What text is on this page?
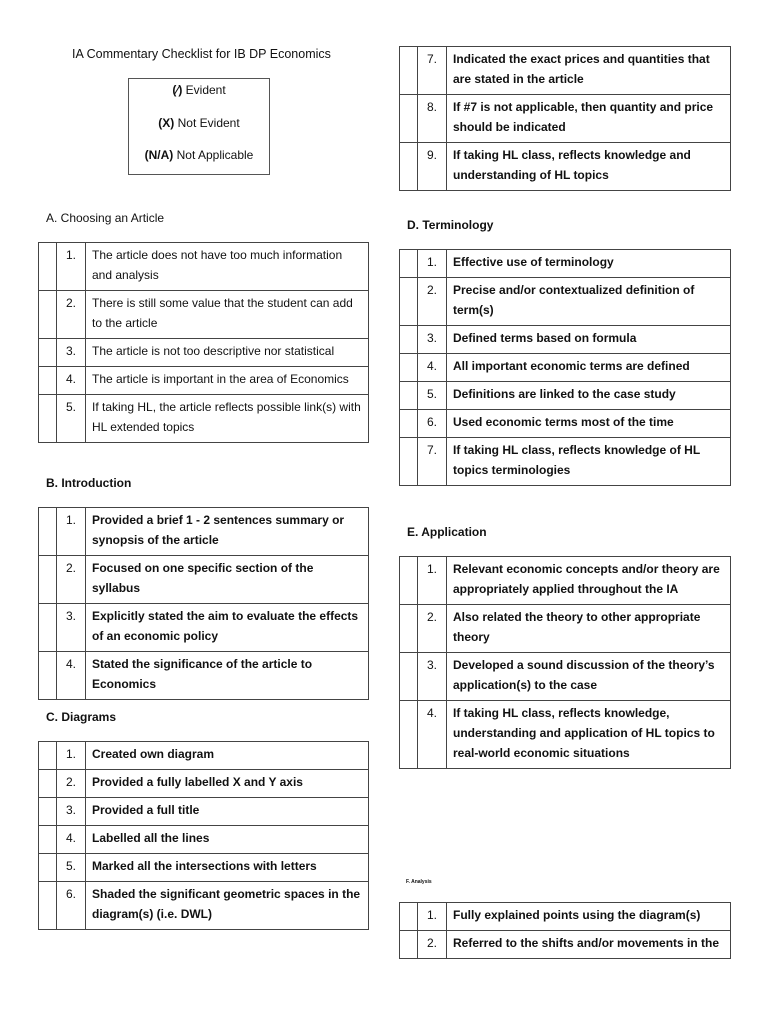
IA Commentary Checklist for IB DP Economics
(⁄) Evident
(X) Not Evident
(N/A) Not Applicable
A. Choosing an Article
	1.	The article does not have too much information and analysis
	2.	There is still some value that the student can add to the article
	3.	The article is not too descriptive nor statistical
	4.	The article is important in the area of Economics
	5.	If taking HL, the article reflects possible link(s) with HL extended topics
B. Introduction
	1.	Provided a brief 1 - 2 sentences summary or synopsis of the article
	2.	Focused on one specific section of the syllabus
	3.	Explicitly stated the aim to evaluate the effects of an economic policy
	4.	Stated the significance of the article to Economics
C. Diagrams
	1.	Created own diagram
	2.	Provided a fully labelled X and Y axis
	3.	Provided a full title
	4.	Labelled all the lines
	5.	Marked all the intersections with letters
	6.	Shaded the significant geometric spaces in the diagram(s) (i.e. DWL)
	7.	Indicated the exact prices and quantities that are stated in the article
	8.	If #7 is not applicable, then quantity and price should be indicated
	9.	If taking HL class, reflects knowledge and understanding of HL topics
D. Terminology
	1.	Effective use of terminology
	2.	Precise and/or contextualized definition of term(s)
	3.	Defined terms based on formula
	4.	All important economic terms are defined
	5.	Definitions are linked to the case study
	6.	Used economic terms most of the time
	7.	If taking HL class, reflects knowledge of HL topics terminologies
E. Application
	1.	Relevant economic concepts and/or theory are appropriately applied throughout the IA
	2.	Also related the theory to other appropriate theory
	3.	Developed a sound discussion of the theory’s application(s) to the case
	4.	If taking HL class, reflects knowledge, understanding and application of HL topics to real-world economic situations
F. Analysis
	1.	Fully explained points using the diagram(s)
	2.	Referred to the shifts and/or movements in the
